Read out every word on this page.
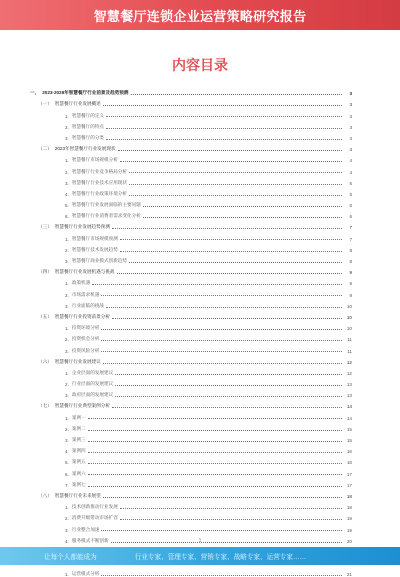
智慧餐厅连锁企业运营策略研究报告
内容目录
一、 2023-2028年智慧餐厅行业前景及趋势预测	3
（一） 智慧餐厅行业发展概述	3
1. 智慧餐厅的定义	3
2. 智慧餐厅的特点	3
3. 智慧餐厅的分类	3
（二） 2023年智慧餐厅行业发展现状	4
1. 智慧餐厅市场规模分析	4
2. 智慧餐厅行业竞争格局分析	4
3. 智慧餐厅行业技术应用现状	5
4. 智慧餐厅行业政策环境分析	5
5. 智慧餐厅行业发展面临的主要问题	6
6. 智慧餐厅行业消费者需求变化分析	6
（三） 智慧餐厅行业发展趋势预测	7
1. 智慧餐厅市场规模预测	7
2. 智慧餐厅技术发展趋势	8
3. 智慧餐厅商业模式创新趋势	8
（四） 智慧餐厅行业发展机遇与挑战	9
1. 政策机遇	9
2. 市场需求机遇	9
3. 行业面临的挑战	10
（五） 智慧餐厅行业投资前景分析	10
1. 投资环境分析	10
2. 投资机会分析	11
3. 投资风险分析	11
（六） 智慧餐厅行业发展建议	12
1. 企业层面的发展建议	12
2. 行业层面的发展建议	13
3. 政府层面的发展建议	13
（七） 智慧餐厅行业典型案例分析	14
1. 案例一	14
2. 案例二	15
3. 案例三	15
4. 案例四	16
5. 案例五	16
6. 案例六	17
7. 案例七	17
（八） 智慧餐厅行业未来展望	18
1. 技术创新推动行业发展	18
2. 消费升级带动市场扩容	19
3. 行业整合加速	19
4. 服务模式不断创新	20
1. 运营模式分析	21
1
让每个人都能成为	行业专家、管理专家、营销专家、战略专家、运营专家……
